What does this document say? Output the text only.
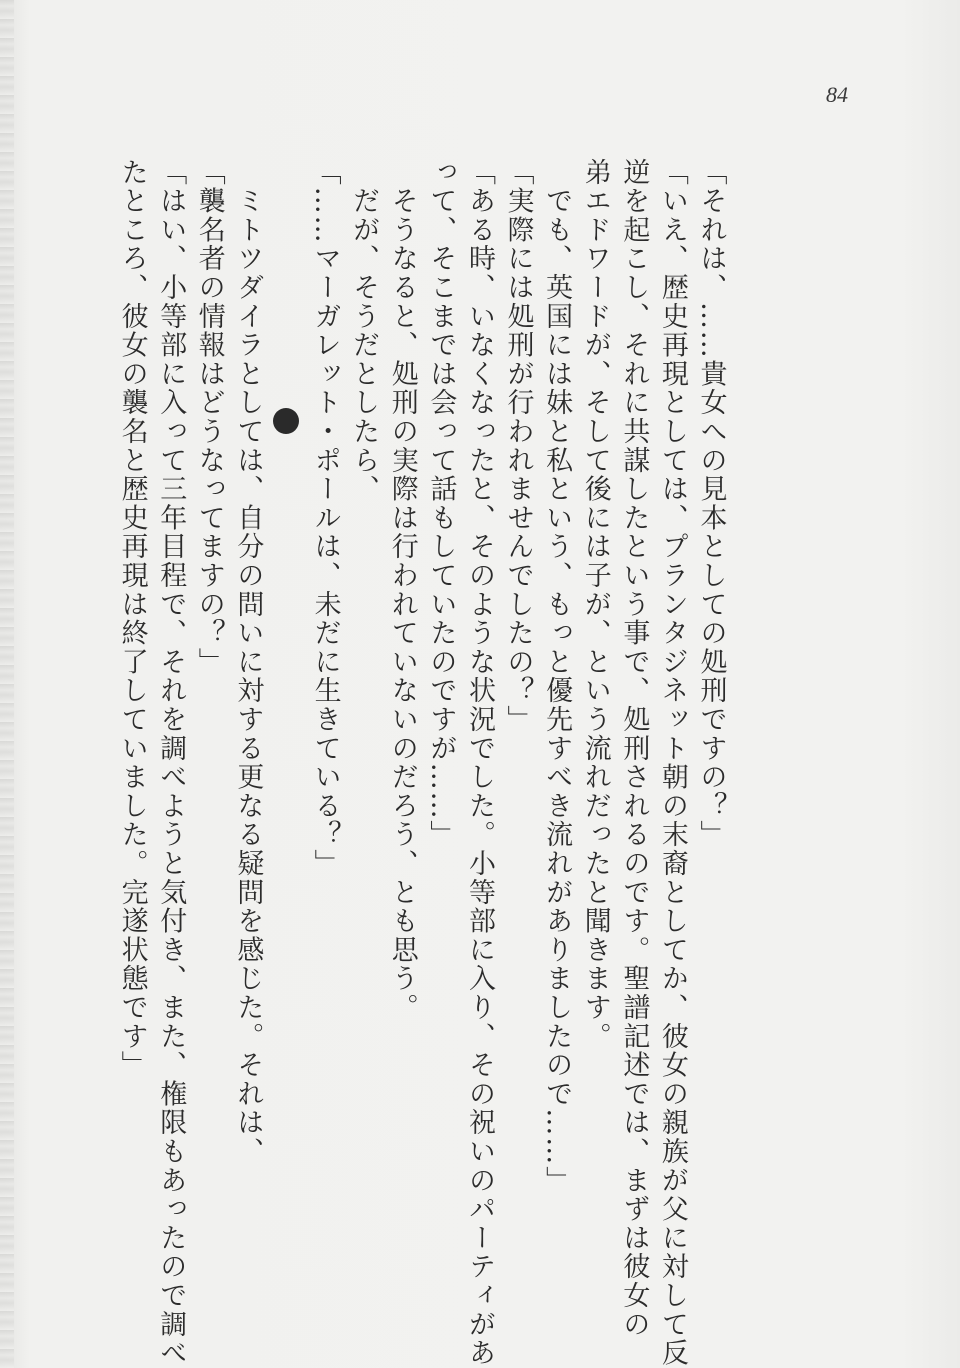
84

「それは、……貴女への見本としての処刑ですの？」

「いえ、歴史再現としては、プランタジネット朝の末裔としてか、彼女の親族が父に対して反

逆を起こし、それに共謀したという事で、処刑されるのです。聖譜記述では、まずは彼女の

弟エドワードが、そして後には子が、という流れだったと聞きます。

　でも、英国には妹と私という、もっと優先すべき流れがありましたので……」

「実際には処刑が行われませんでしたの？」

「ある時、いなくなったと、そのような状況でした。小等部に入り、その祝いのパーティがあ

って、そこまでは会って話もしていたのですが……」

　そうなると、処刑の実際は行われていないのだろう、とも思う。

　だが、そうだとしたら、

「……マーガレット・ポールは、未だに生きている？」

　ミトツダイラとしては、自分の問いに対する更なる疑問を感じた。それは、

「襲名者の情報はどうなってますの？」

「はい、小等部に入って三年目程で、それを調べようと気付き、また、権限もあったので調べ

たところ、彼女の襲名と歴史再現は終了していました。完遂状態です」
